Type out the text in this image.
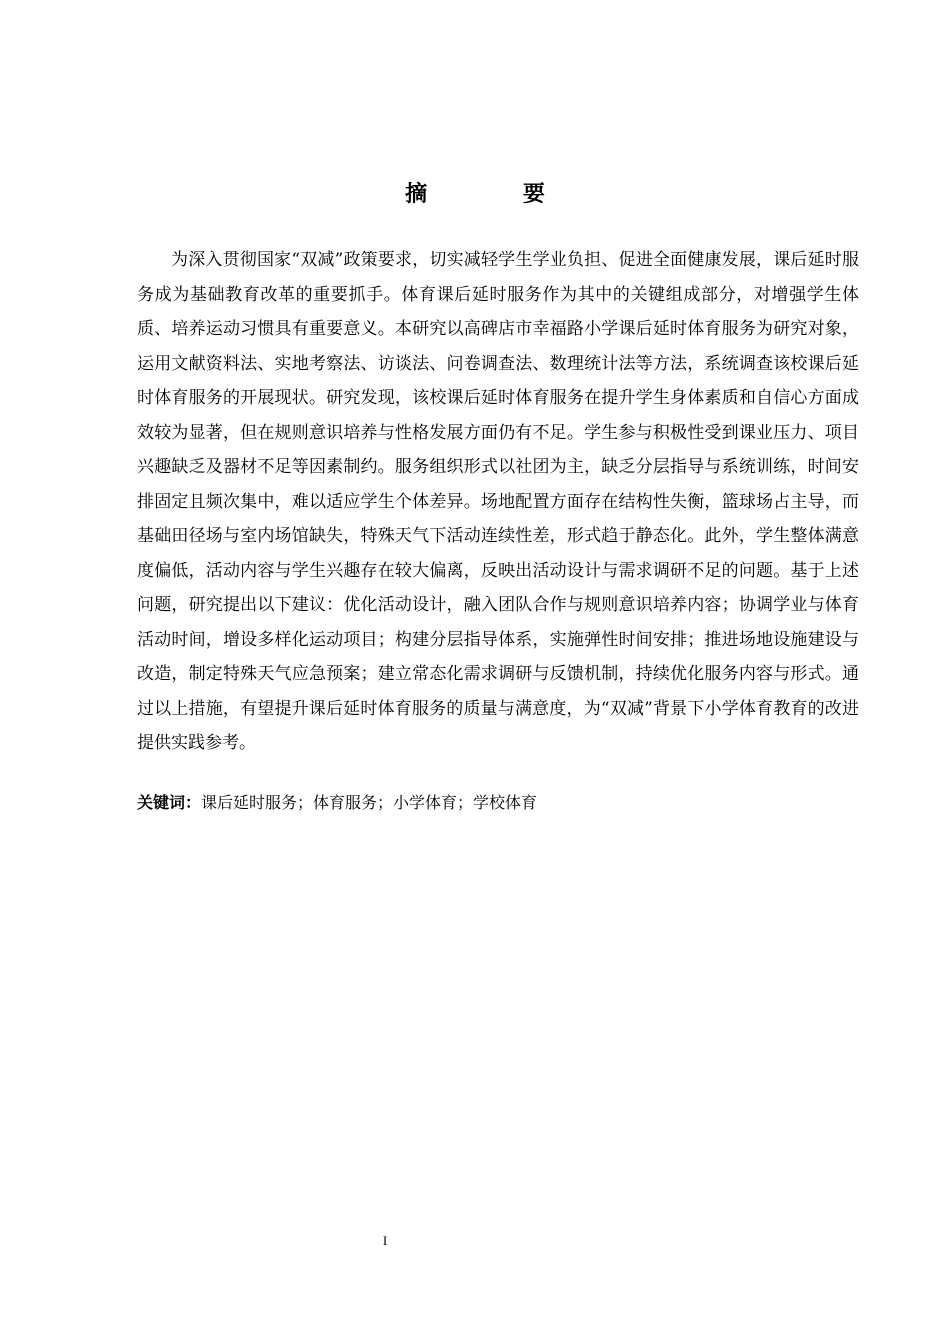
摘 要

为深入贯彻国家“双减”政策要求，切实减轻学生学业负担、促进全面健康发展，课后延时服务成为基础教育改革的重要抓手。体育课后延时服务作为其中的关键组成部分，对增强学生体质、培养运动习惯具有重要意义。本研究以高碑店市幸福路小学课后延时体育服务为研究对象，运用文献资料法、实地考察法、访谈法、问卷调查法、数理统计法等方法，系统调查该校课后延时体育服务的开展现状。研究发现，该校课后延时体育服务在提升学生身体素质和自信心方面成效较为显著，但在规则意识培养与性格发展方面仍有不足。学生参与积极性受到课业压力、项目兴趣缺乏及器材不足等因素制约。服务组织形式以社团为主，缺乏分层指导与系统训练，时间安排固定且频次集中，难以适应学生个体差异。场地配置方面存在结构性失衡，篮球场占主导，而基础田径场与室内场馆缺失，特殊天气下活动连续性差，形式趋于静态化。此外，学生整体满意度偏低，活动内容与学生兴趣存在较大偏离，反映出活动设计与需求调研不足的问题。基于上述问题，研究提出以下建议：优化活动设计，融入团队合作与规则意识培养内容；协调学业与体育活动时间，增设多样化运动项目；构建分层指导体系，实施弹性时间安排；推进场地设施建设与改造，制定特殊天气应急预案；建立常态化需求调研与反馈机制，持续优化服务内容与形式。通过以上措施，有望提升课后延时体育服务的质量与满意度，为“双减”背景下小学体育教育的改进提供实践参考。

关键词：课后延时服务；体育服务；小学体育；学校体育

I
